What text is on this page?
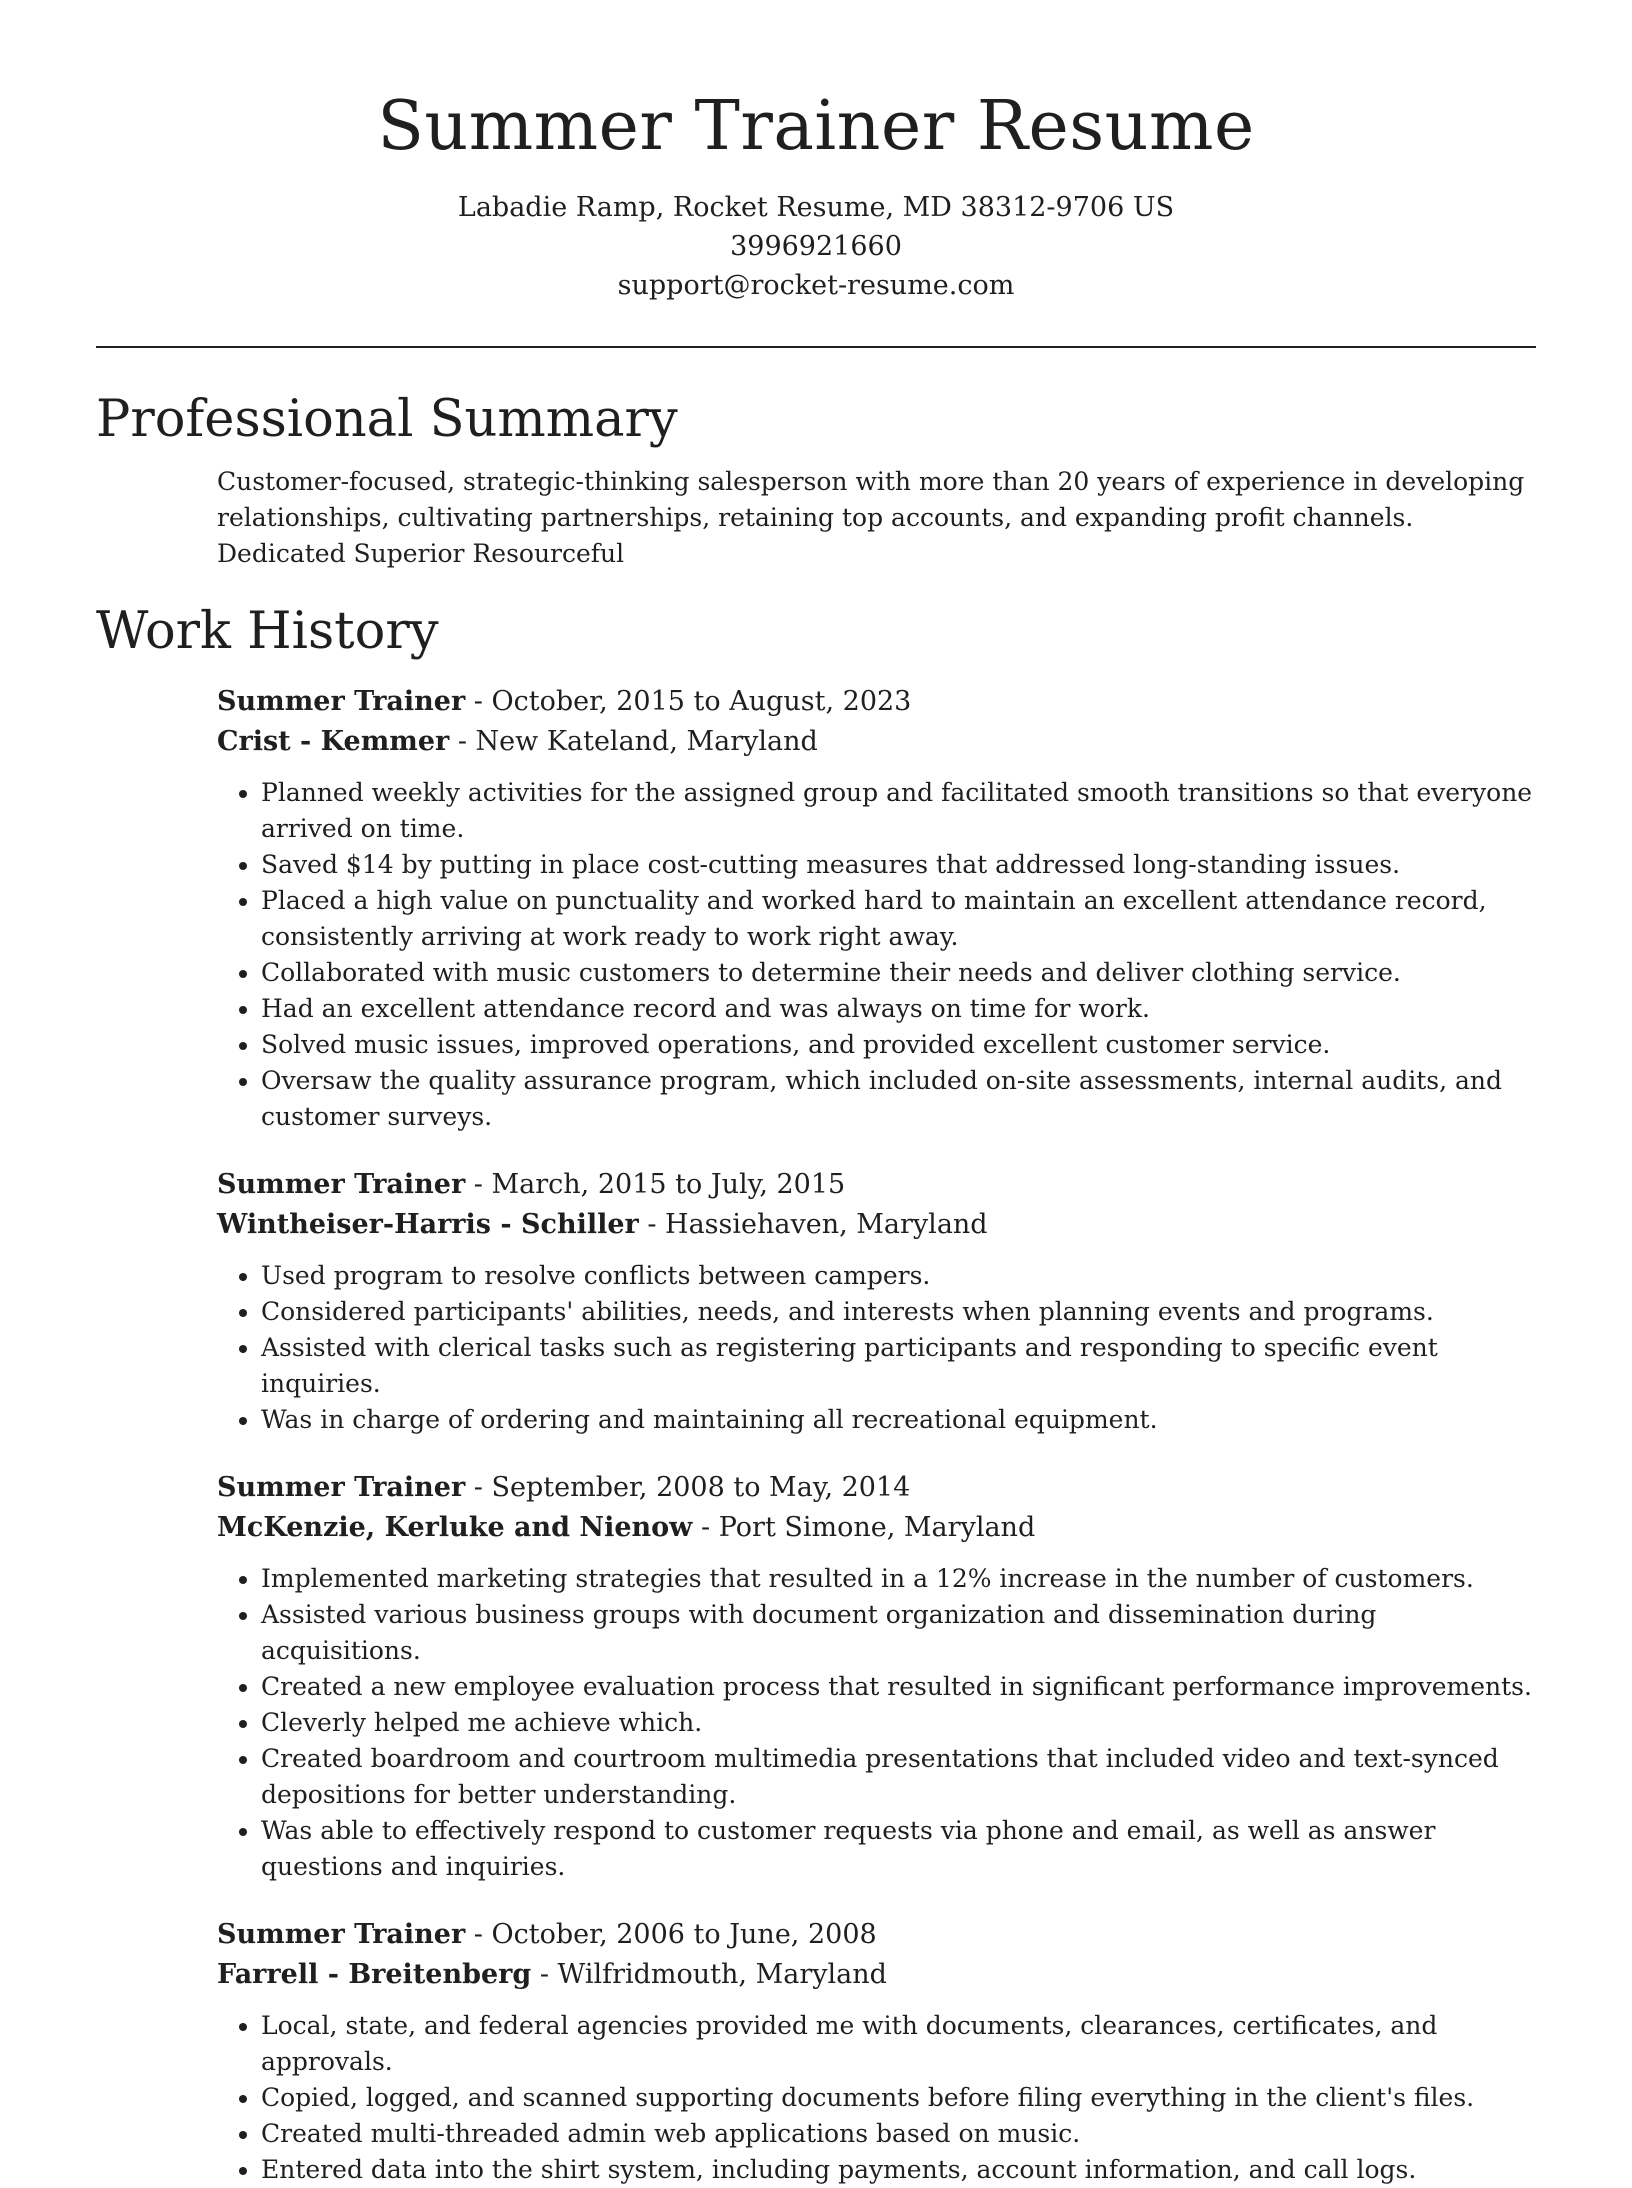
Summer Trainer Resume
Labadie Ramp, Rocket Resume, MD 38312-9706 US
3996921660
support@rocket-resume.com
Professional Summary
Customer-focused, strategic-thinking salesperson with more than 20 years of experience in developing relationships, cultivating partnerships, retaining top accounts, and expanding profit channels. Dedicated Superior Resourceful
Work History
Summer Trainer - October, 2015 to August, 2023
Crist - Kemmer - New Kateland, Maryland
• Planned weekly activities for the assigned group and facilitated smooth transitions so that everyone arrived on time.
• Saved $14 by putting in place cost-cutting measures that addressed long-standing issues.
• Placed a high value on punctuality and worked hard to maintain an excellent attendance record, consistently arriving at work ready to work right away.
• Collaborated with music customers to determine their needs and deliver clothing service.
• Had an excellent attendance record and was always on time for work.
• Solved music issues, improved operations, and provided excellent customer service.
• Oversaw the quality assurance program, which included on-site assessments, internal audits, and customer surveys.
Summer Trainer - March, 2015 to July, 2015
Wintheiser-Harris - Schiller - Hassiehaven, Maryland
• Used program to resolve conflicts between campers.
• Considered participants' abilities, needs, and interests when planning events and programs.
• Assisted with clerical tasks such as registering participants and responding to specific event inquiries.
• Was in charge of ordering and maintaining all recreational equipment.
Summer Trainer - September, 2008 to May, 2014
McKenzie, Kerluke and Nienow - Port Simone, Maryland
• Implemented marketing strategies that resulted in a 12% increase in the number of customers.
• Assisted various business groups with document organization and dissemination during acquisitions.
• Created a new employee evaluation process that resulted in significant performance improvements.
• Cleverly helped me achieve which.
• Created boardroom and courtroom multimedia presentations that included video and text-synced depositions for better understanding.
• Was able to effectively respond to customer requests via phone and email, as well as answer questions and inquiries.
Summer Trainer - October, 2006 to June, 2008
Farrell - Breitenberg - Wilfridmouth, Maryland
• Local, state, and federal agencies provided me with documents, clearances, certificates, and approvals.
• Copied, logged, and scanned supporting documents before filing everything in the client's files.
• Created multi-threaded admin web applications based on music.
• Entered data into the shirt system, including payments, account information, and call logs.
